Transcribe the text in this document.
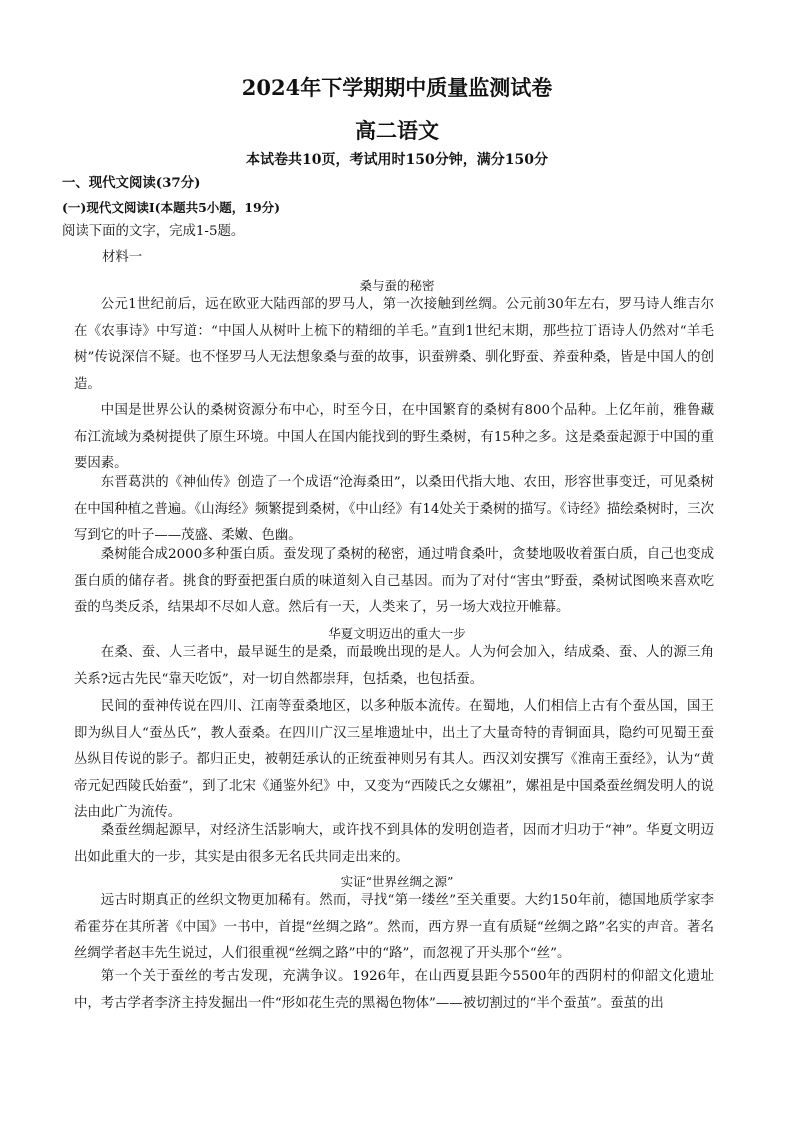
2024年下学期期中质量监测试卷
高二语文
本试卷共10页，考试用时150分钟，满分150分
一、现代文阅读(37分)
(一)现代文阅读Ⅰ(本题共5小题，19分)
阅读下面的文字，完成1-5题。
材料一
桑与蚕的秘密
公元1世纪前后，远在欧亚大陆西部的罗马人，第一次接触到丝绸。公元前30年左右，罗马诗人维吉尔在《农事诗》中写道：“中国人从树叶上梳下的精细的羊毛。”直到1世纪末期，那些拉丁语诗人仍然对“羊毛树”传说深信不疑。也不怪罗马人无法想象桑与蚕的故事，识蚕辨桑、驯化野蚕、养蚕种桑，皆是中国人的创造。
中国是世界公认的桑树资源分布中心，时至今日，在中国繁育的桑树有800个品种。上亿年前，雅鲁藏布江流域为桑树提供了原生环境。中国人在国内能找到的野生桑树，有15种之多。这是桑蚕起源于中国的重要因素。
东晋葛洪的《神仙传》创造了一个成语“沧海桑田”，以桑田代指大地、农田，形容世事变迁，可见桑树在中国种植之普遍。《山海经》频繁提到桑树，《中山经》有14处关于桑树的描写。《诗经》描绘桑树时，三次写到它的叶子——茂盛、柔嫩、色幽。
桑树能合成2000多种蛋白质。蚕发现了桑树的秘密，通过啃食桑叶，贪婪地吸收着蛋白质，自己也变成蛋白质的储存者。挑食的野蚕把蛋白质的味道刻入自己基因。而为了对付“害虫”野蚕，桑树试图唤来喜欢吃蚕的鸟类反杀，结果却不尽如人意。然后有一天，人类来了，另一场大戏拉开帷幕。
华夏文明迈出的重大一步
在桑、蚕、人三者中，最早诞生的是桑，而最晚出现的是人。人为何会加入，结成桑、蚕、人的源三角关系?远古先民“靠天吃饭”，对一切自然都崇拜，包括桑，也包括蚕。
民间的蚕神传说在四川、江南等蚕桑地区，以多种版本流传。在蜀地，人们相信上古有个蚕丛国，国王即为纵目人“蚕丛氏”，教人蚕桑。在四川广汉三星堆遗址中，出土了大量奇特的青铜面具，隐约可见蜀王蚕丛纵目传说的影子。都归正史，被朝廷承认的正统蚕神则另有其人。西汉刘安撰写《淮南王蚕经》，认为“黄帝元妃西陵氏始蚕”，到了北宋《通鉴外纪》中，又变为“西陵氏之女嫘祖”，嫘祖是中国桑蚕丝绸发明人的说法由此广为流传。
桑蚕丝绸起源早，对经济生活影响大，或许找不到具体的发明创造者，因而才归功于“神”。华夏文明迈出如此重大的一步，其实是由很多无名氏共同走出来的。
实证“世界丝绸之源”
远古时期真正的丝织文物更加稀有。然而，寻找“第一缕丝”至关重要。大约150年前，德国地质学家李希霍芬在其所著《中国》一书中，首提“丝绸之路”。然而，西方界一直有质疑“丝绸之路”名实的声音。著名丝绸学者赵丰先生说过，人们很重视“丝绸之路”中的“路”，而忽视了开头那个“丝”。
第一个关于蚕丝的考古发现，充满争议。1926年，在山西夏县距今5500年的西阴村的仰韶文化遗址中，考古学者李济主持发掘出一件“形如花生壳的黑褐色物体”——被切割过的“半个蚕茧”。蚕茧的出
